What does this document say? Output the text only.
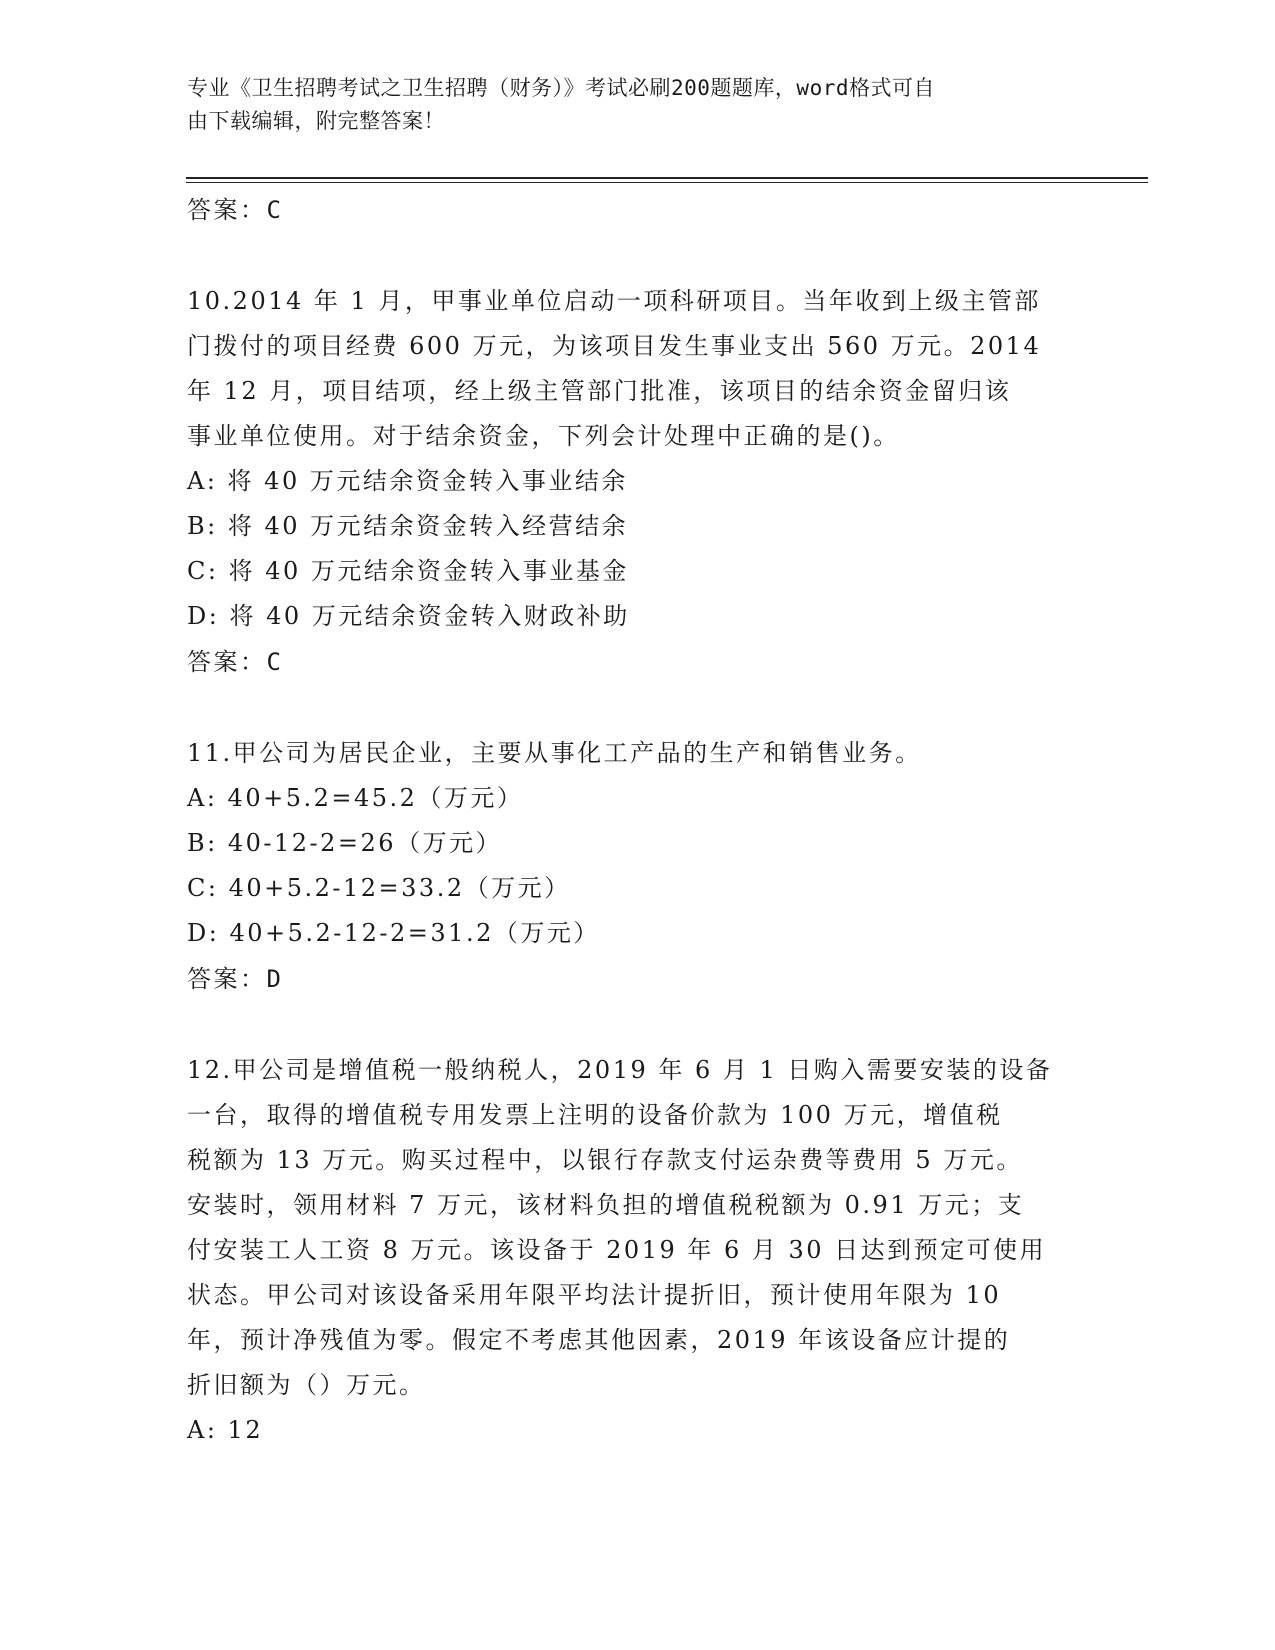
专业《卫生招聘考试之卫生招聘（财务）》考试必刷200题题库，word格式可自
由下载编辑，附完整答案！
答案：C
10.2014 年 1 月，甲事业单位启动一项科研项目。当年收到上级主管部
门拨付的项目经费 600 万元，为该项目发生事业支出 560 万元。2014
年 12 月，项目结项，经上级主管部门批准，该项目的结余资金留归该
事业单位使用。对于结余资金，下列会计处理中正确的是()。
A: 将 40 万元结余资金转入事业结余
B: 将 40 万元结余资金转入经营结余
C: 将 40 万元结余资金转入事业基金
D: 将 40 万元结余资金转入财政补助
答案：C
11.甲公司为居民企业，主要从事化工产品的生产和销售业务。
A: 40+5.2=45.2（万元）
B: 40-12-2=26（万元）
C: 40+5.2-12=33.2（万元）
D: 40+5.2-12-2=31.2（万元）
答案：D
12.甲公司是增值税一般纳税人，2019 年 6 月 1 日购入需要安装的设备
一台，取得的增值税专用发票上注明的设备价款为 100 万元，增值税
税额为 13 万元。购买过程中，以银行存款支付运杂费等费用 5 万元。
安装时，领用材料 7 万元，该材料负担的增值税税额为 0.91 万元；支
付安装工人工资 8 万元。该设备于 2019 年 6 月 30 日达到预定可使用
状态。甲公司对该设备采用年限平均法计提折旧，预计使用年限为 10
年，预计净残值为零。假定不考虑其他因素，2019 年该设备应计提的
折旧额为（）万元。
A: 12
